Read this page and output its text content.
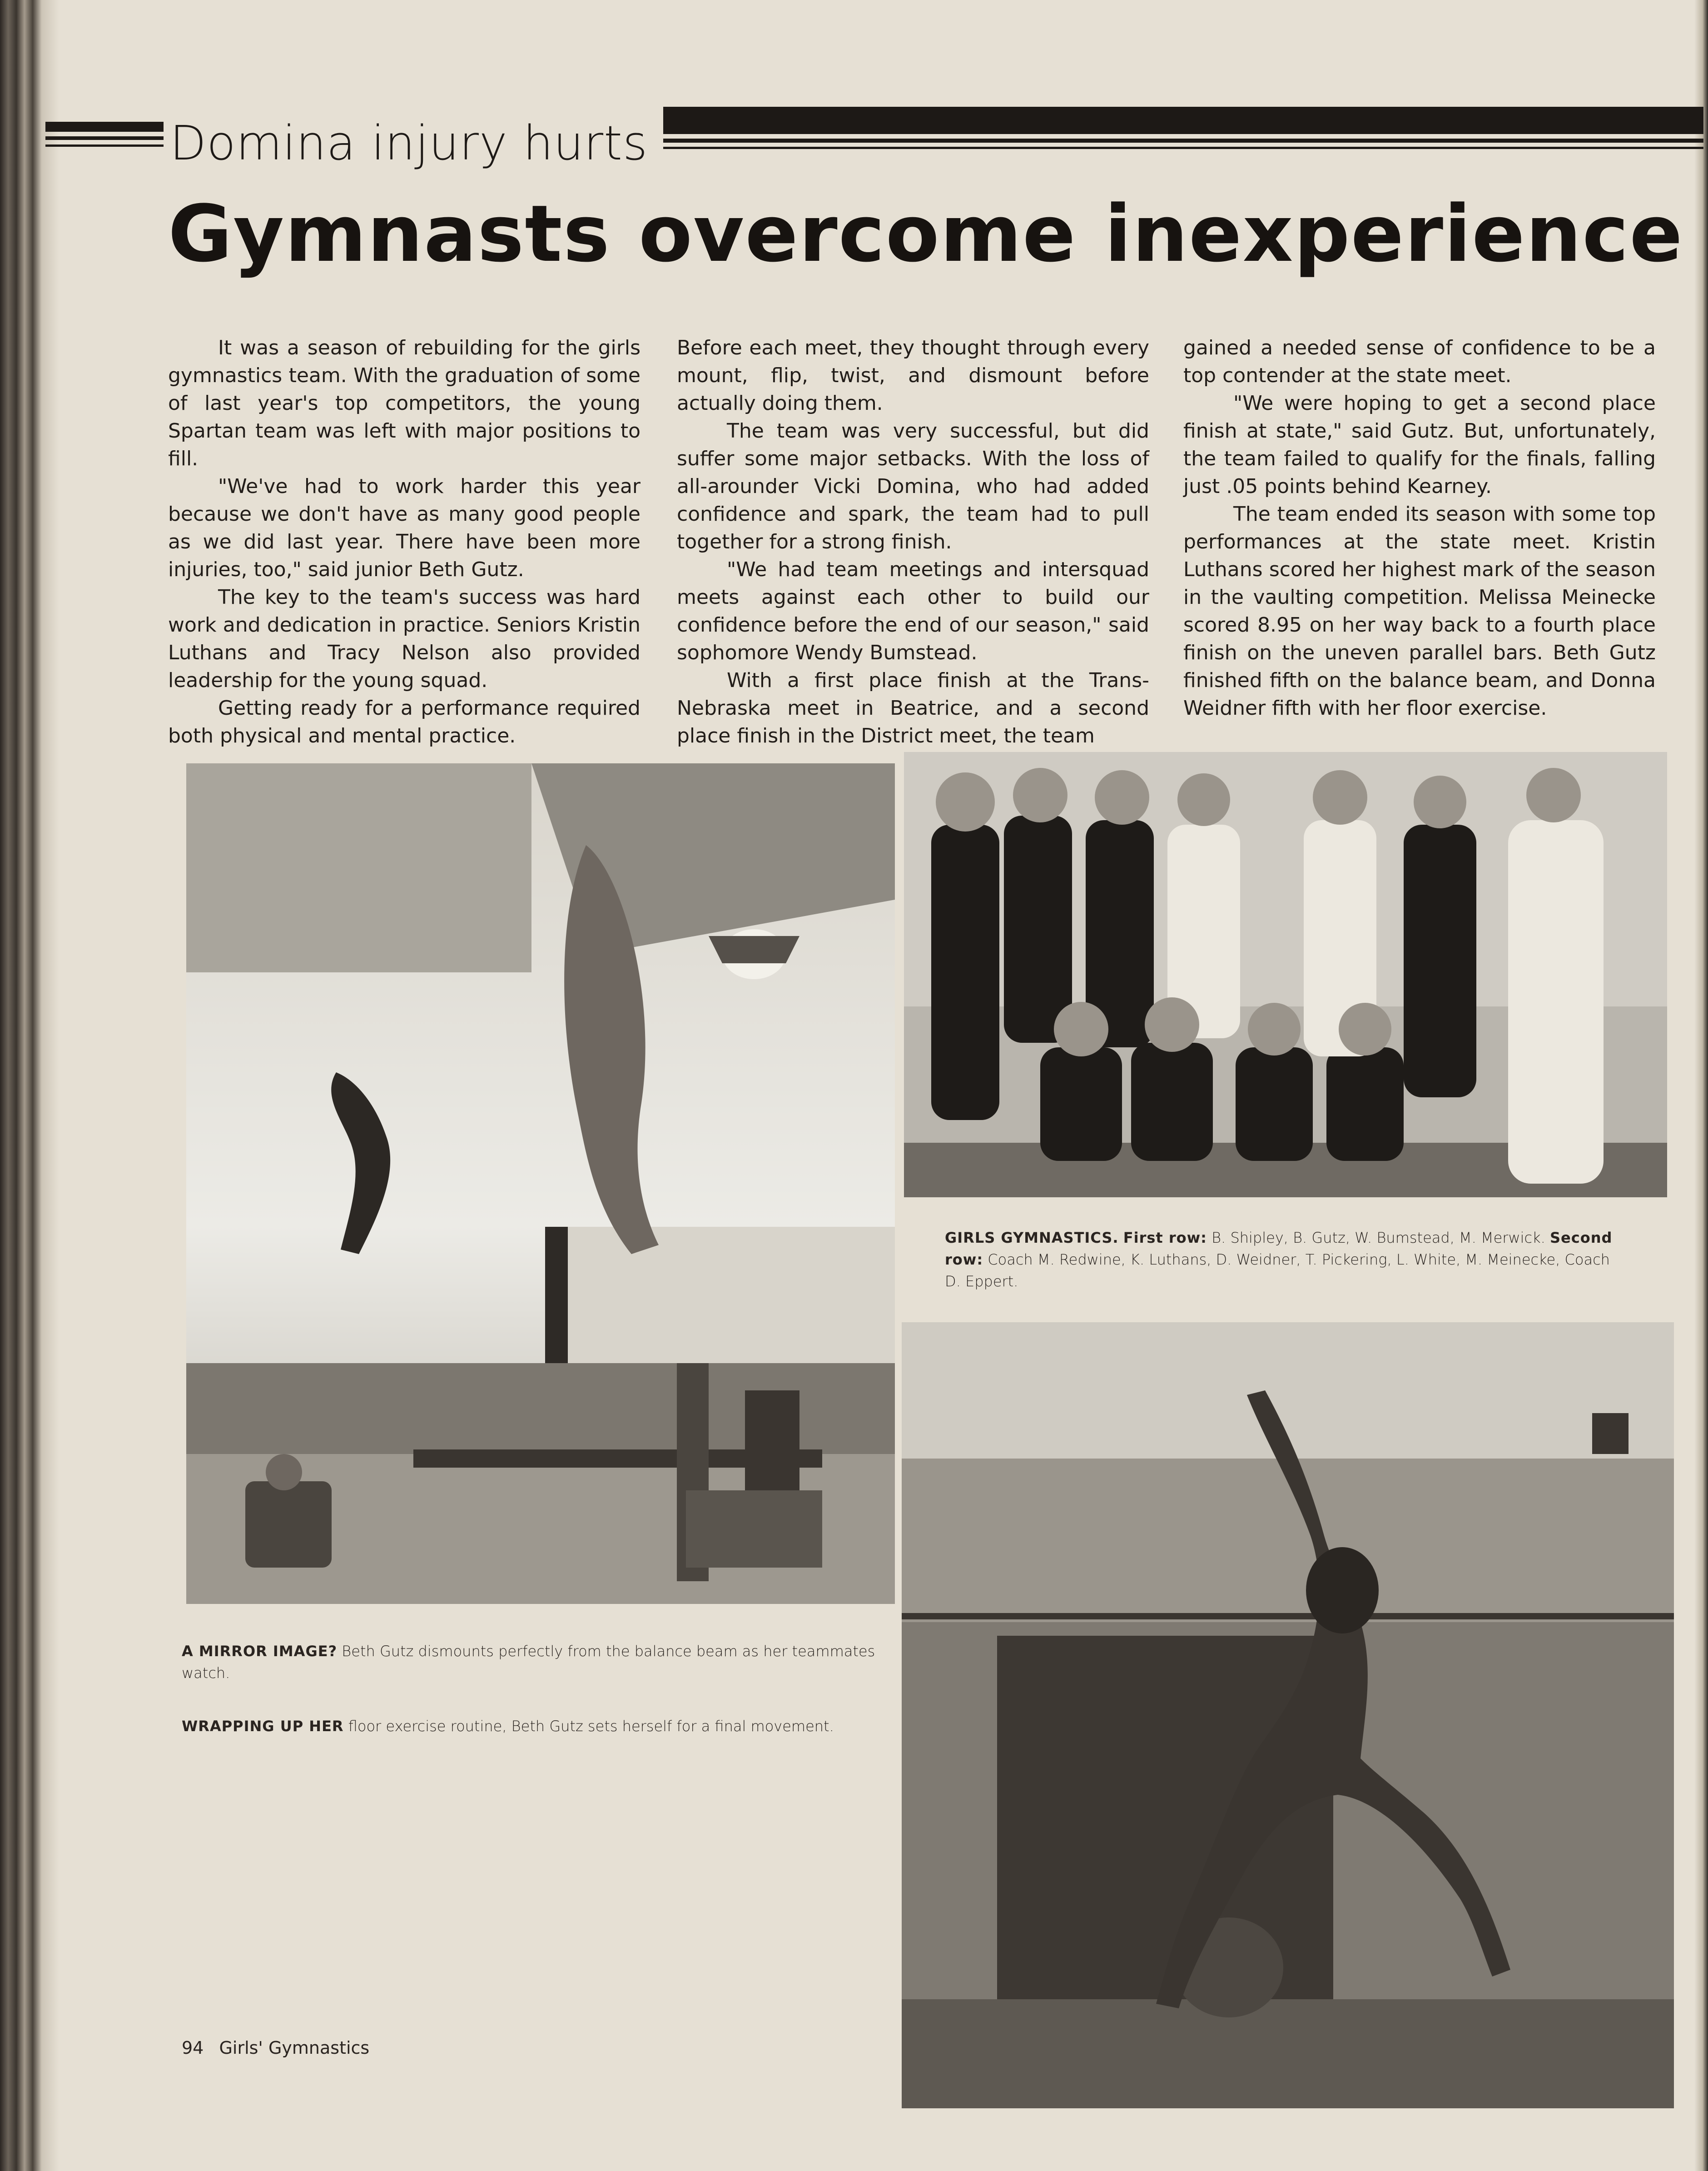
Domina injury hurts
Gymnasts overcome inexperience

It was a season of rebuilding for the girls gymnastics team. With the graduation of some of last year's top competitors, the young Spartan team was left with major positions to fill.

"We've had to work harder this year because we don't have as many good people as we did last year. There have been more injuries, too," said junior Beth Gutz.

The key to the team's success was hard work and dedication in practice. Seniors Kristin Luthans and Tracy Nelson also provided leadership for the young squad.

Getting ready for a performance required both physical and mental practice.

Before each meet, they thought through every mount, flip, twist, and dismount before actually doing them.

The team was very successful, but did suffer some major setbacks. With the loss of all-arounder Vicki Domina, who had added confidence and spark, the team had to pull together for a strong finish.

"We had team meetings and intersquad meets against each other to build our confidence before the end of our season," said sophomore Wendy Bumstead.

With a first place finish at the Trans-Nebraska meet in Beatrice, and a second place finish in the District meet, the team

gained a needed sense of confidence to be a top contender at the state meet.

"We were hoping to get a second place finish at state," said Gutz. But, unfortunately, the team failed to qualify for the finals, falling just .05 points behind Kearney.

The team ended its season with some top performances at the state meet. Kristin Luthans scored her highest mark of the season in the vaulting competition. Melissa Meinecke scored 8.95 on her way back to a fourth place finish on the uneven parallel bars. Beth Gutz finished fifth on the balance beam, and Donna Weidner fifth with her floor exercise.

GIRLS GYMNASTICS. First row: B. Shipley, B. Gutz, W. Bumstead, M. Merwick. Second row: Coach M. Redwine, K. Luthans, D. Weidner, T. Pickering, L. White, M. Meinecke, Coach D. Eppert.
A MIRROR IMAGE? Beth Gutz dismounts perfectly from the balance beam as her teammates watch.
WRAPPING UP HER floor exercise routine, Beth Gutz sets herself for a final movement.
94 Girls' Gymnastics
